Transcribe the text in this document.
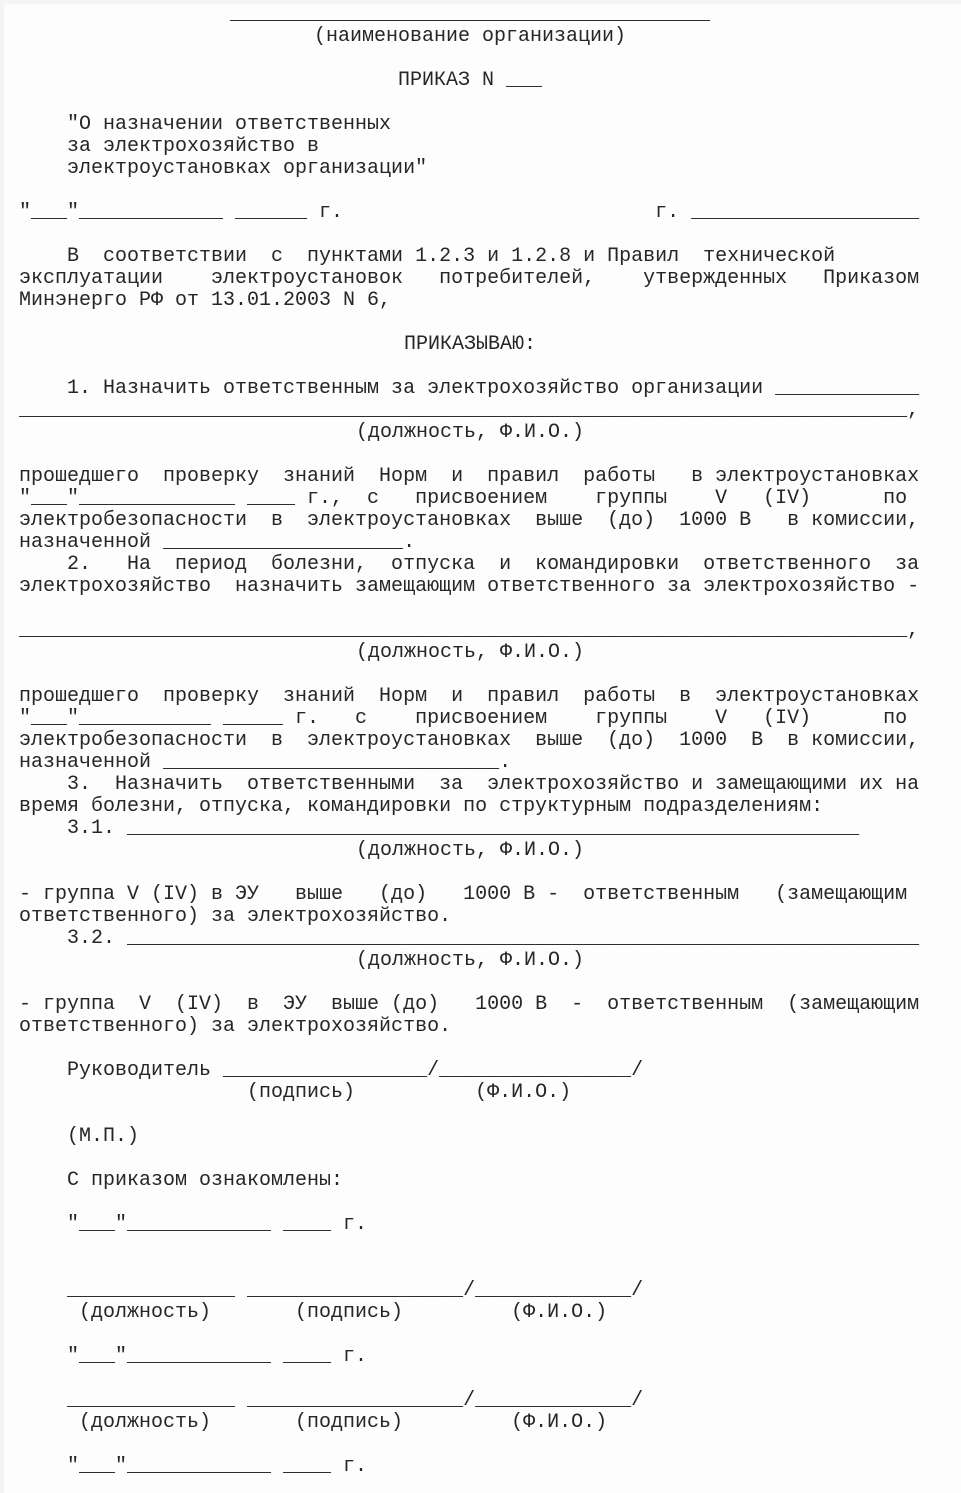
________________________________________
(наименование организации)
ПРИКАЗ N ___
"О назначении ответственных
за электрохозяйство в
электроустановках организации"
"___"____________ ______ г.                          г. ___________________
В  соответствии  с  пунктами 1.2.3 и 1.2.8 и Правил  технической
эксплуатации    электроустановок   потребителей,    утвержденных   Приказом
Минэнерго РФ от 13.01.2003 N 6,
ПРИКАЗЫВАЮ:
1. Назначить ответственным за электрохозяйство организации ____________
__________________________________________________________________________,
(должность, Ф.И.О.)
прошедшего  проверку  знаний  Норм  и  правил  работы   в электроустановках
"___"_____________ ____ г.,  с   присвоением    группы    V   (IV)      по
электробезопасности  в  электроустановках  выше  (до)  1000 В   в комиссии,
назначенной ____________________.
2.   На  период  болезни,  отпуска  и  командировки  ответственного  за
электрохозяйство  назначить замещающим ответственного за электрохозяйство -
__________________________________________________________________________,
(должность, Ф.И.О.)
прошедшего  проверку  знаний  Норм  и  правил  работы  в  электроустановках
"___"___________ _____ г.   с    присвоением    группы    V   (IV)      по
электробезопасности  в  электроустановках  выше  (до)  1000  В  в комиссии,
назначенной ____________________________.
3.  Назначить  ответственными  за  электрохозяйство и замещающими их на
время болезни, отпуска, командировки по структурным подразделениям:
3.1. _____________________________________________________________
(должность, Ф.И.О.)
- группа V (IV) в ЭУ   выше   (до)   1000 В -  ответственным   (замещающим
ответственного) за электрохозяйство.
3.2. __________________________________________________________________
(должность, Ф.И.О.)
- группа  V  (IV)  в  ЭУ  выше (до)   1000 В  -  ответственным  (замещающим
ответственного) за электрохозяйство.
Руководитель _________________/________________/
(подпись)          (Ф.И.О.)
(М.П.)
С приказом ознакомлены:
"___"____________ ____ г.
______________ __________________/_____________/
(должность)       (подпись)         (Ф.И.О.)
"___"____________ ____ г.
______________ __________________/_____________/
(должность)       (подпись)         (Ф.И.О.)
"___"____________ ____ г.
